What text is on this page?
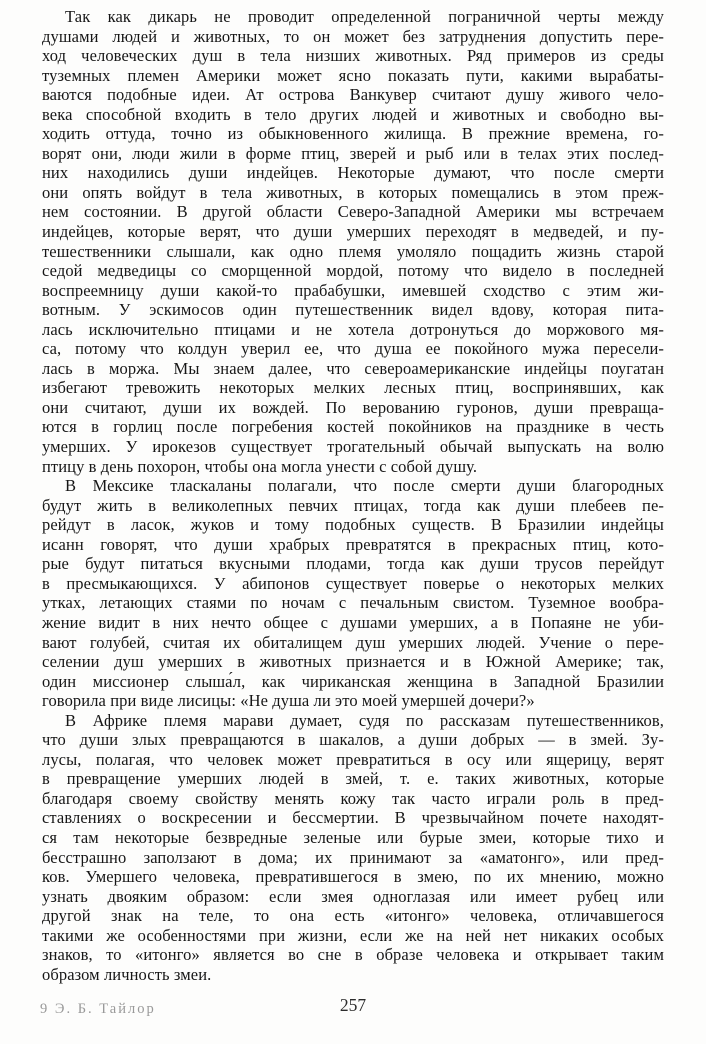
Так как дикарь не проводит определенной пограничной черты между
душами людей и животных, то он может без затруднения допустить пере-
ход человеческих душ в тела низших животных. Ряд примеров из среды
туземных племен Америки может ясно показать пути, какими вырабаты-
ваются подобные идеи. Ат острова Ванкувер считают душу живого чело-
века способной входить в тело других людей и животных и свободно вы-
ходить оттуда, точно из обыкновенного жилища. В прежние времена, го-
ворят они, люди жили в форме птиц, зверей и рыб или в телах этих послед-
них находились души индейцев. Некоторые думают, что после смерти
они опять войдут в тела животных, в которых помещались в этом преж-
нем состоянии. В другой области Северо-Западной Америки мы встречаем
индейцев, которые верят, что души умерших переходят в медведей, и пу-
тешественники слышали, как одно племя умоляло пощадить жизнь старой
седой медведицы со сморщенной мордой, потому что видело в последней
воспреемницу души какой-то прабабушки, имевшей сходство с этим жи-
вотным. У эскимосов один путешественник видел вдову, которая пита-
лась исключительно птицами и не хотела дотронуться до моржового мя-
са, потому что колдун уверил ее, что душа ее покойного мужа пересели-
лась в моржа. Мы знаем далее, что североамериканские индейцы поугатан
избегают тревожить некоторых мелких лесных птиц, воспринявших, как
они считают, души их вождей. По верованию гуронов, души превраща-
ются в горлиц после погребения костей покойников на празднике в честь
умерших. У ирокезов существует трогательный обычай выпускать на волю
птицу в день похорон, чтобы она могла унести с собой душу.
В Мексике тласкаланы полагали, что после смерти души благородных
будут жить в великолепных певчих птицах, тогда как души плебеев пе-
рейдут в ласок, жуков и тому подобных существ. В Бразилии индейцы
исанн говорят, что души храбрых превратятся в прекрасных птиц, кото-
рые будут питаться вкусными плодами, тогда как души трусов перейдут
в пресмыкающихся. У абипонов существует поверье о некоторых мелких
утках, летающих стаями по ночам с печальным свистом. Туземное вообра-
жение видит в них нечто общее с душами умерших, а в Попаяне не уби-
вают голубей, считая их обиталищем душ умерших людей. Учение о пере-
селении душ умерших в животных признается и в Южной Америке; так,
один миссионер слыша́л, как чириканская женщина в Западной Бразилии
говорила при виде лисицы: «Не душа ли это моей умершей дочери?»
В Африке племя марави думает, судя по рассказам путешественников,
что души злых превращаются в шакалов, а души добрых — в змей. Зу-
лусы, полагая, что человек может превратиться в осу или ящерицу, верят
в превращение умерших людей в змей, т. е. таких животных, которые
благодаря своему свойству менять кожу так часто играли роль в пред-
ставлениях о воскресении и бессмертии. В чрезвычайном почете находят-
ся там некоторые безвредные зеленые или бурые змеи, которые тихо и
бесстрашно заползают в дома; их принимают за «аматонго», или пред-
ков. Умершего человека, превратившегося в змею, по их мнению, можно
узнать двояким образом: если змея одноглазая или имеет рубец или
другой знак на теле, то она есть «итонго» человека, отличавшегося
такими же особенностями при жизни, если же на ней нет никаких особых
знаков, то «итонго» является во сне в образе человека и открывает таким
образом личность змеи.
9 Э. Б. Тайлор	257
